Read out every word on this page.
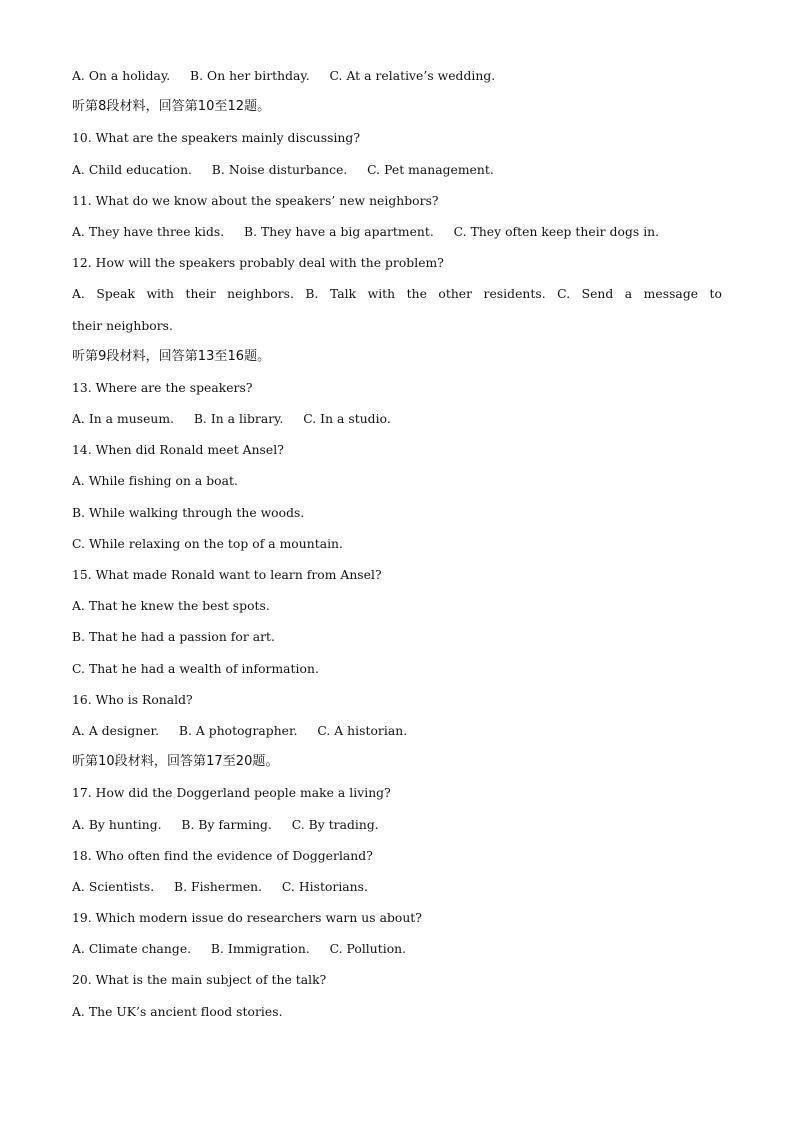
A. On a holiday.     B. On her birthday.     C. At a relative’s wedding.
听第8段材料，回答第10至12题。
10. What are the speakers mainly discussing?
A. Child education.     B. Noise disturbance.     C. Pet management.
11. What do we know about the speakers’ new neighbors?
A. They have three kids.     B. They have a big apartment.     C. They often keep their dogs in.
12. How will the speakers probably deal with the problem?
A. Speak with their neighbors. B. Talk with the other residents. C. Send a message to
their neighbors.
听第9段材料，回答第13至16题。
13. Where are the speakers?
A. In a museum.     B. In a library.     C. In a studio.
14. When did Ronald meet Ansel?
A. While fishing on a boat.
B. While walking through the woods.
C. While relaxing on the top of a mountain.
15. What made Ronald want to learn from Ansel?
A. That he knew the best spots.
B. That he had a passion for art.
C. That he had a wealth of information.
16. Who is Ronald?
A. A designer.     B. A photographer.     C. A historian.
听第10段材料，回答第17至20题。
17. How did the Doggerland people make a living?
A. By hunting.     B. By farming.     C. By trading.
18. Who often find the evidence of Doggerland?
A. Scientists.     B. Fishermen.     C. Historians.
19. Which modern issue do researchers warn us about?
A. Climate change.     B. Immigration.     C. Pollution.
20. What is the main subject of the talk?
A. The UK’s ancient flood stories.
